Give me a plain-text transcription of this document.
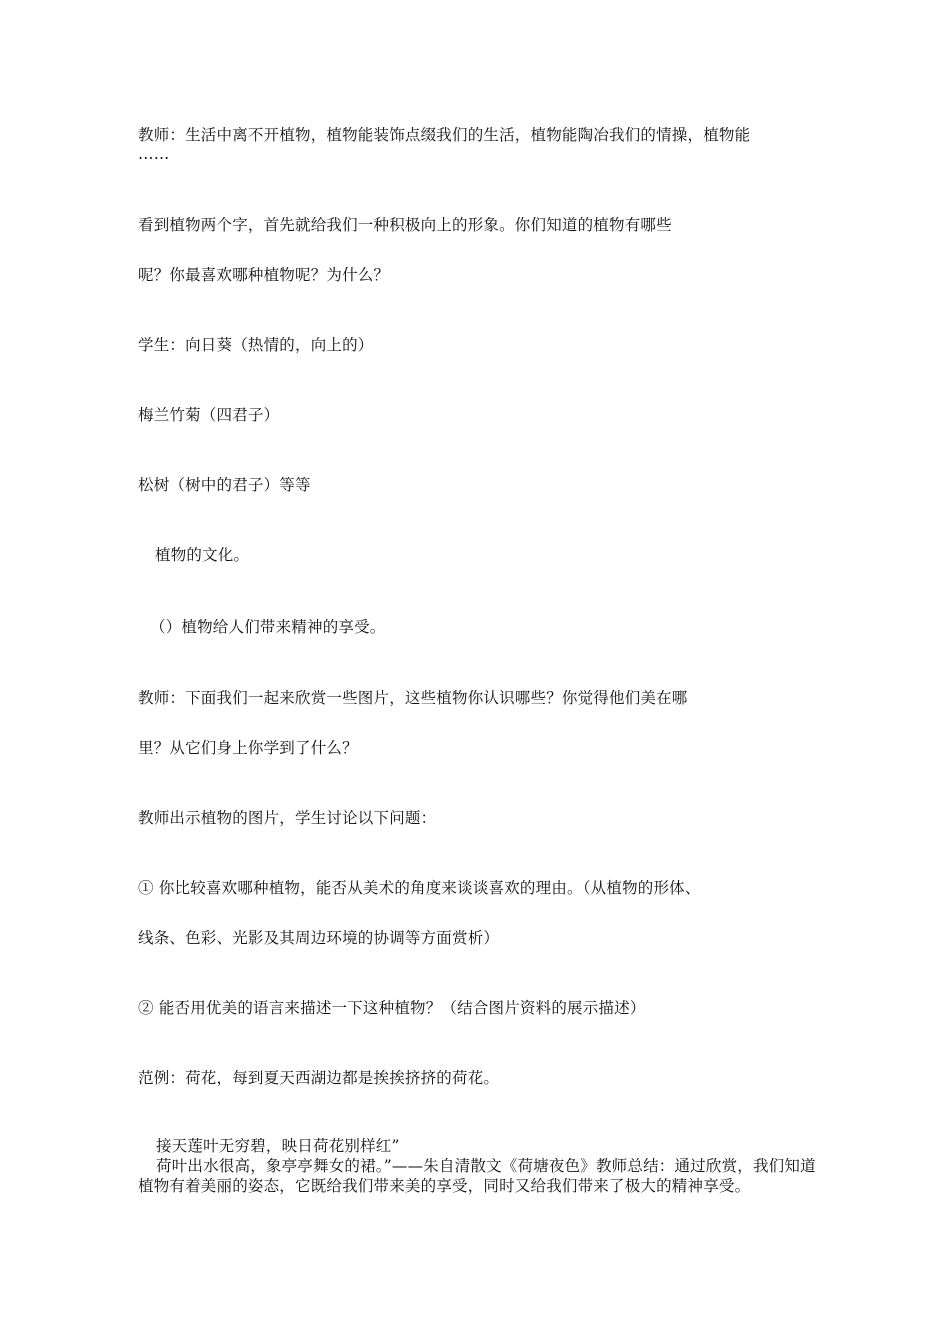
教师：生活中离不开植物，植物能装饰点缀我们的生活，植物能陶冶我们的情操，植物能
……
看到植物两个字，首先就给我们一种积极向上的形象。你们知道的植物有哪些
呢？你最喜欢哪种植物呢？为什么？
学生：向日葵（热情的，向上的）
梅兰竹菊（四君子）
松树（树中的君子）等等
植物的文化。
（）植物给人们带来精神的享受。
教师：下面我们一起来欣赏一些图片，这些植物你认识哪些？你觉得他们美在哪
里？从它们身上你学到了什么？
教师出示植物的图片，学生讨论以下问题：
① 你比较喜欢哪种植物，能否从美术的角度来谈谈喜欢的理由。（从植物的形体、
线条、色彩、光影及其周边环境的协调等方面赏析）
② 能否用优美的语言来描述一下这种植物？（结合图片资料的展示描述）
范例：荷花，每到夏天西湖边都是挨挨挤挤的荷花。

接天莲叶无穷碧，映日荷花别样红”

荷叶出水很高，象亭亭舞女的裙。”——朱自清散文《荷塘夜色》教师总结：通过欣赏，我们知道植物有着美丽的姿态，它既给我们带来美的享受，同时又给我们带来了极大的精神享受。
